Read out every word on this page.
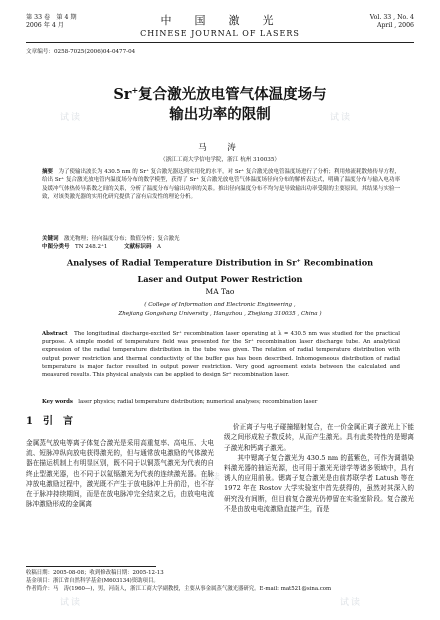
试读	试读
试读
试读	试读
第 33 卷　第 4 期
2006 年 4 月	中　国　激　光
CHINESE JOURNAL OF LASERS
Vol. 33 , No. 4
April , 2006
文章编号：0258-7025(2006)04-0477-04
Sr+复合激光放电管气体温度场与
输出功率的限制
马　涛
（浙江工商大学信电学院，浙江 杭州 310035）
摘要　 为了使输出波长为 430.5 nm 的 Sr⁺ 复合激光器达到实用化的水平，对 Sr⁺ 复合激光放电管温度场进行了分析；利用热流耗散热传导方程，给出 Sr⁺ 复合激光放电管内温度场分布的数学模型，获得了 Sr⁺ 复合激光放电管气体温度场径向分布的解析表达式，明确了温度分布与输入电功率及缓冲气体热传导系数之间的关系，分析了温度分布与输出功率的关系。推出径向温度分布不均匀是导致输出功率受限的主要原因。其结果与实验一致，对该类激光器的实用化研究提供了富有启发性的理论分析。
关键词　 激光物理；径向温度分布；数值分析；复合激光
中图分类号　 TN 248.2⁺1　　　	文献标识码　 A
Analyses of Radial Temperature Distribution in Sr+ Recombination
Laser and Output Power Restriction
MA Tao
( College of Information and Electronic Engineering ,
Zhejiang Gongshang University , Hangzhou , Zhejiang 310035 , China )
Abstract　 The longitudinal discharge-excited Sr⁺ recombination laser operating at λ = 430.5 nm was studied for the practical purpose. A simple model of temperature field was presented for the Sr⁺ recombination laser discharge tube. An analytical expression of the radial temperature distribution in the tube was given. The relation of radial temperature distribution with output power restriction and thermal conductivity of the buffer gas has been described. Inhomogeneous distribution of radial temperature is major factor resulted in output power restriction. Very good agreement exists between the calculated and measured results. This physical analysis can be applied to design Sr⁺ recombination laser.
Key words　 laser physics; radial temperature distribution; numerical analyses; recombination laser
1　引　言
金属蒸气放电等离子体复合激光是采用高重复率、高电压、大电流、短脉冲纵向放电获得激光的，但与通常放电激励的气体激光器在描运机制上有明显区别，既不同于以铜蒸气激光为代表的自终止型激光器，也不同于以氦镉激光为代表的连续激光器。在脉冲放电激励过程中，激光既不产生于放电脉冲上升前沿，也不存在于脉冲持续期间，而是在放电脉冲完全结束之后，由放电电流脉冲激励形成的金属离

价正离子与电子碰撞辐射复合，在一价金属正离子激光上下能级之间形成粒子数反转，从而产生激光。具有此类特性的是锶离子激光和钙离子激光。
　　其中锶离子复合激光为 430.5 nm 的蓝紫色，可作为调谐染料激光器的抽运光源，也可用于激光光谱学等诸多领域中，具有诱人的应用前景。锶离子复合激光是由前苏联学者 Latush 等在 1972 年在 Rostov 大学实验室中首先获得的，虽然对其深入的研究没有间断，但目前复合激光仍停留在实验室阶段。复合激光不是由放电电流激励直接产生，而是

收稿日期：2005-08-08；收到修改稿日期：2005-12-13
基金项目：浙江省自然科学基金(M603134)资助项目。
作者简介：马　涛(1960—)，男，河南人，浙江工商大学副教授，主要从事金属蒸气激光器研究。E-mail: mat521@sina.com
